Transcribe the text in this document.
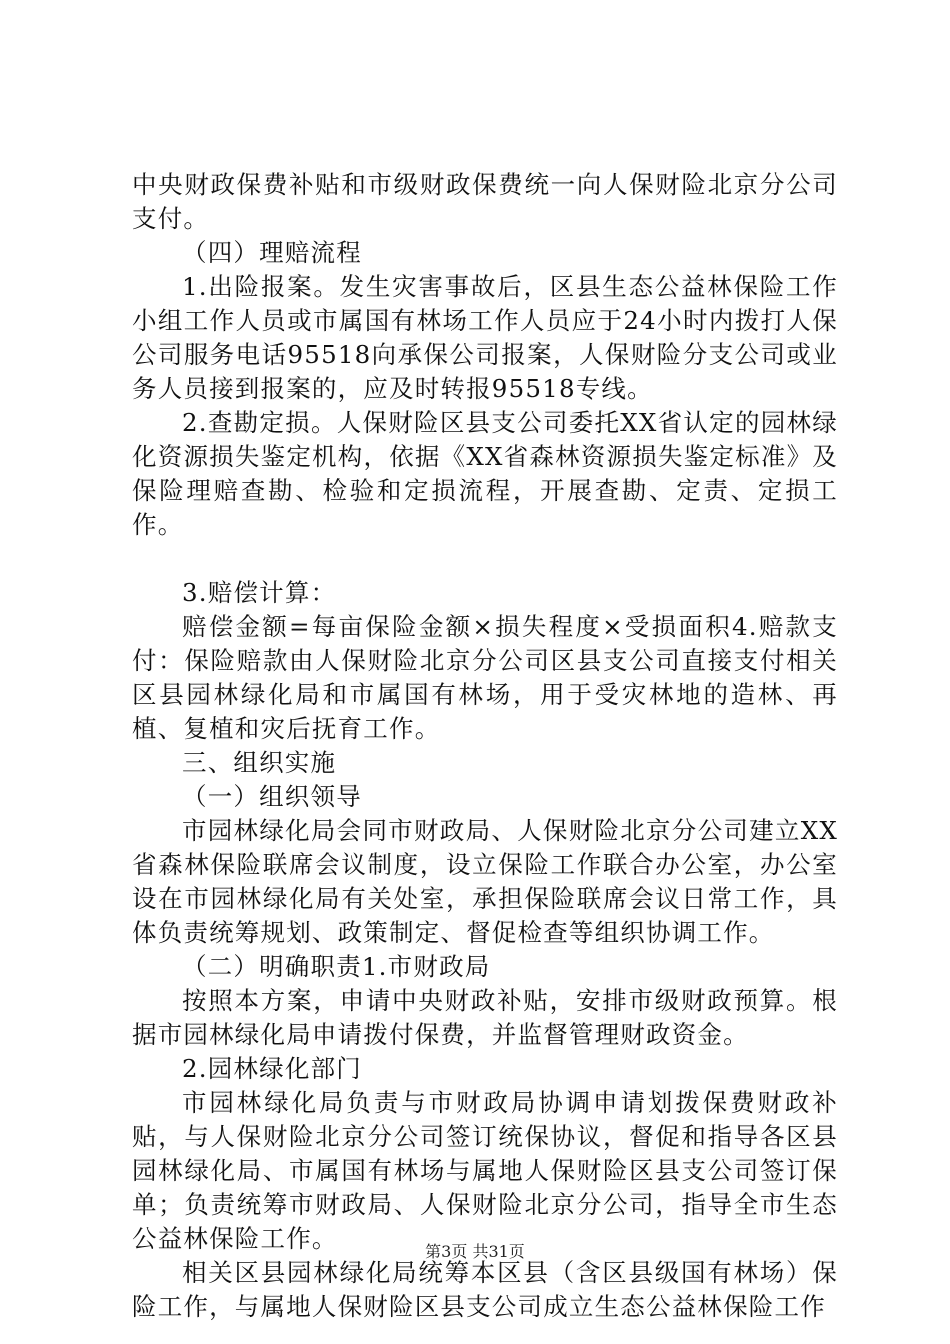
中央财政保费补贴和市级财政保费统一向人保财险北京分公司支付。

（四）理赔流程

1.出险报案。发生灾害事故后，区县生态公益林保险工作小组工作人员或市属国有林场工作人员应于24小时内拨打人保公司服务电话95518向承保公司报案，人保财险分支公司或业务人员接到报案的，应及时转报95518专线。

2.查勘定损。人保财险区县支公司委托XX省认定的园林绿化资源损失鉴定机构，依据《XX省森林资源损失鉴定标准》及保险理赔查勘、检验和定损流程，开展查勘、定责、定损工作。

3.赔偿计算：

赔偿金额=每亩保险金额×损失程度×受损面积4.赔款支付：保险赔款由人保财险北京分公司区县支公司直接支付相关区县园林绿化局和市属国有林场，用于受灾林地的造林、再植、复植和灾后抚育工作。

三、组织实施

（一）组织领导

市园林绿化局会同市财政局、人保财险北京分公司建立XX省森林保险联席会议制度，设立保险工作联合办公室，办公室设在市园林绿化局有关处室，承担保险联席会议日常工作，具体负责统筹规划、政策制定、督促检查等组织协调工作。

（二）明确职责1.市财政局

按照本方案，申请中央财政补贴，安排市级财政预算。根据市园林绿化局申请拨付保费，并监督管理财政资金。

2.园林绿化部门

市园林绿化局负责与市财政局协调申请划拨保费财政补贴，与人保财险北京分公司签订统保协议，督促和指导各区县园林绿化局、市属国有林场与属地人保财险区县支公司签订保单；负责统筹市财政局、人保财险北京分公司，指导全市生态公益林保险工作。

相关区县园林绿化局统筹本区县（含区县级国有林场）保险工作，与属地人保财险区县支公司成立生态公益林保险工作

第3页 共31页
